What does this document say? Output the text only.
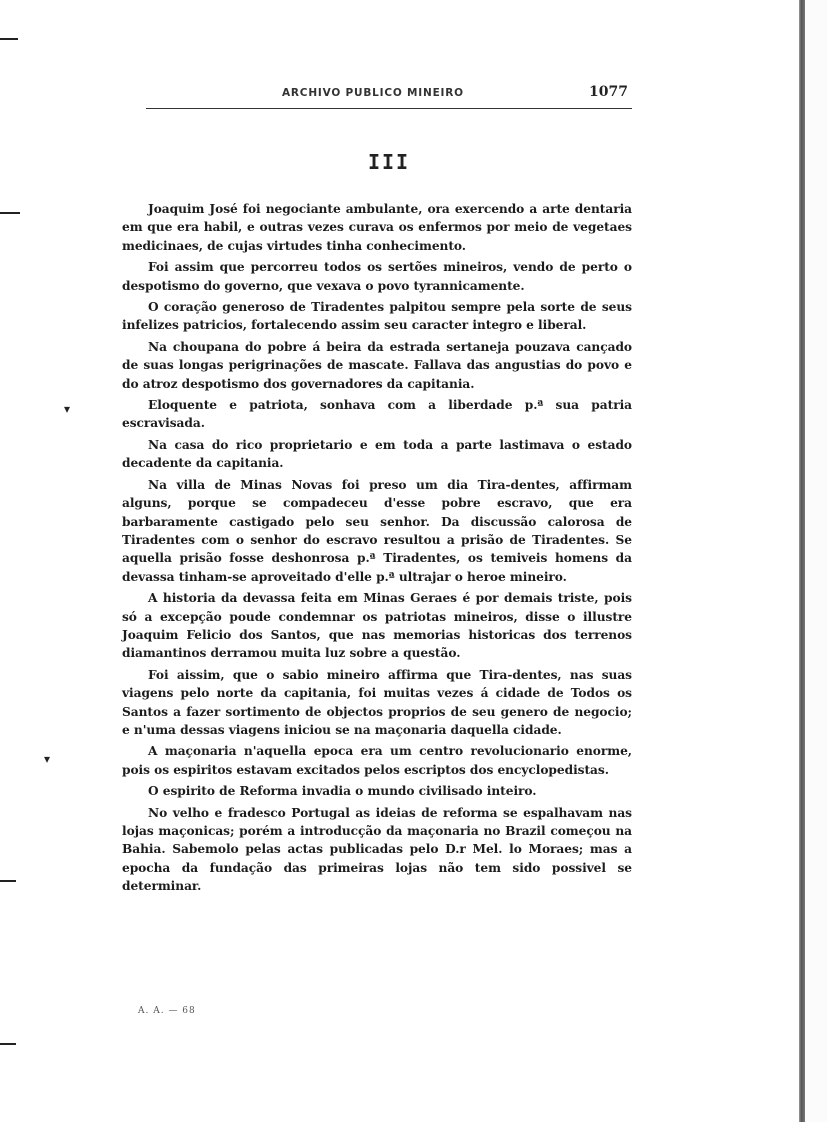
▾
▾
ARCHIVO PUBLICO MINEIRO	1077
III

Joaquim José foi negociante ambulante, ora exercendo a arte dentaria em que era habil, e outras vezes curava os enfermos por meio de vegetaes medicinaes, de cujas virtudes tinha conhecimento.

Foi assim que percorreu todos os sertões mineiros, vendo de perto o despotismo do governo, que vexava o povo tyrannicamente.

O coração generoso de Tiradentes palpitou sempre pela sorte de seus infelizes patricios, fortalecendo assim seu caracter integro e liberal.

Na choupana do pobre á beira da estrada sertaneja pouzava cançado de suas longas perigrinações de mascate. Fallava das angustias do povo e do atroz despotismo dos governadores da capitania.

Eloquente e patriota, sonhava com a liberdade p.ª sua patria escravisada.

Na casa do rico proprietario e em toda a parte lastimava o estado decadente da capitania.

Na villa de Minas Novas foi preso um dia Tira-dentes, affirmam alguns, porque se compadeceu d'esse pobre escravo, que era barbaramente castigado pelo seu senhor. Da discussão calorosa de Tiradentes com o senhor do escravo resultou a prisão de Tiradentes. Se aquella prisão fosse deshonrosa p.ª Tiradentes, os temiveis homens da devassa tinham-se aproveitado d'elle p.ª ultrajar o heroe mineiro.

A historia da devassa feita em Minas Geraes é por demais triste, pois só a excepção poude condemnar os patriotas mineiros, disse o illustre Joaquim Felicio dos Santos, que nas memorias historicas dos terrenos diamantinos derramou muita luz sobre a questão.

Foi aissim, que o sabio mineiro affirma que Tira-dentes, nas suas viagens pelo norte da capitania, foi muitas vezes á cidade de Todos os Santos a fazer sortimento de objectos proprios de seu genero de negocio; e n'uma dessas viagens iniciou se na maçonaria daquella cidade.

A maçonaria n'aquella epoca era um centro revolucionario enorme, pois os espiritos estavam excitados pelos escriptos dos encyclopedistas.

O espirito de Reforma invadia o mundo civilisado inteiro.

No velho e fradesco Portugal as ideias de reforma se espalhavam nas lojas maçonicas; porém a introducção da maçonaria no Brazil começou na Bahia. Sabemolo pelas actas publicadas pelo D.r Mel. lo Moraes; mas a epocha da fundação das primeiras lojas não tem sido possivel se determinar.

A. A. — 68
